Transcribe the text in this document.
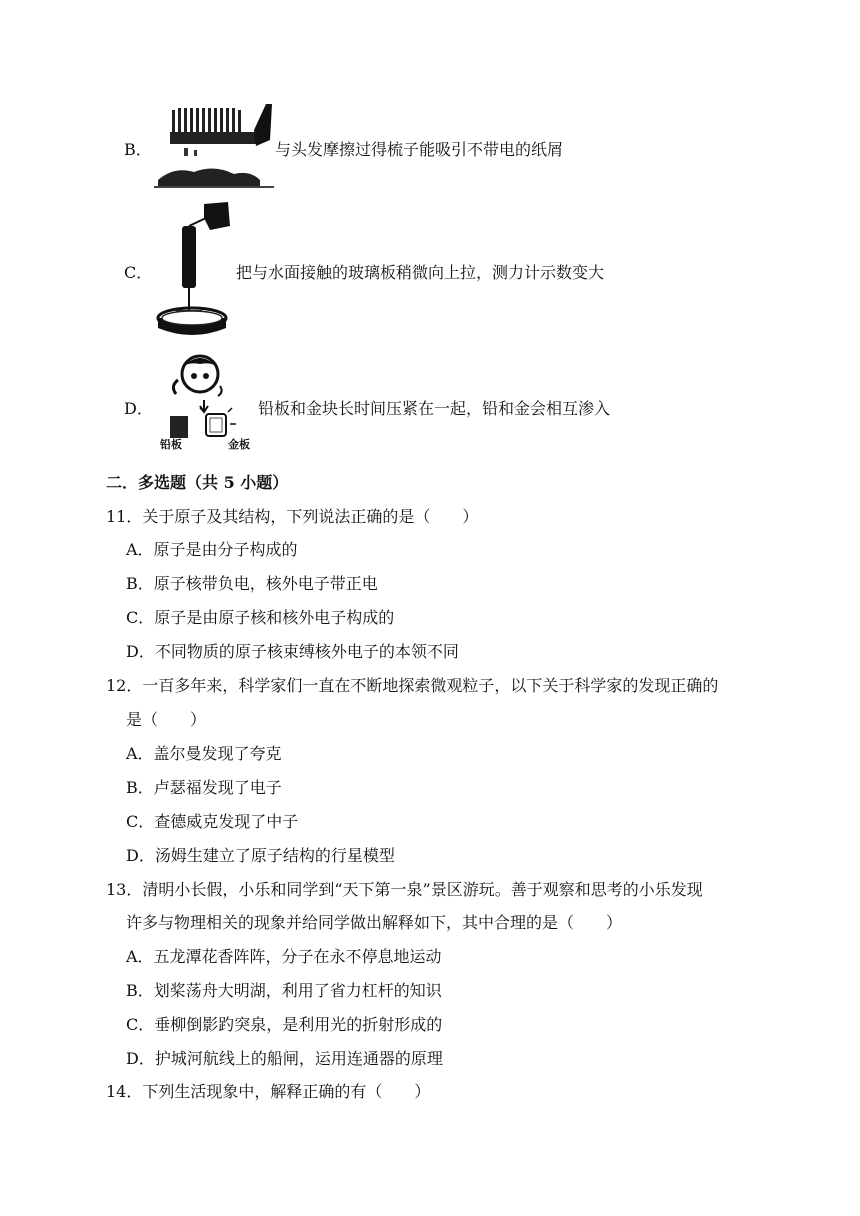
B．	与头发摩擦过得梳子能吸引不带电的纸屑
C．	把与水面接触的玻璃板稍微向上拉，测力计示数变大
D．
铅板	金板
铅板和金块长时间压紧在一起，铅和金会相互渗入
二．多选题（共 5 小题）
11．关于原子及其结构，下列说法正确的是（　　）
A．原子是由分子构成的
B．原子核带负电，核外电子带正电
C．原子是由原子核和核外电子构成的
D．不同物质的原子核束缚核外电子的本领不同
12．一百多年来，科学家们一直在不断地探索微观粒子，以下关于科学家的发现正确的
是（　　）
A．盖尔曼发现了夸克
B．卢瑟福发现了电子
C．查德威克发现了中子
D．汤姆生建立了原子结构的行星模型
13．清明小长假，小乐和同学到“天下第一泉”景区游玩。善于观察和思考的小乐发现
许多与物理相关的现象并给同学做出解释如下，其中合理的是（　　）
A．五龙潭花香阵阵，分子在永不停息地运动
B．划桨荡舟大明湖，利用了省力杠杆的知识
C．垂柳倒影趵突泉，是利用光的折射形成的
D．护城河航线上的船闸，运用连通器的原理
14．下列生活现象中，解释正确的有（　　）
